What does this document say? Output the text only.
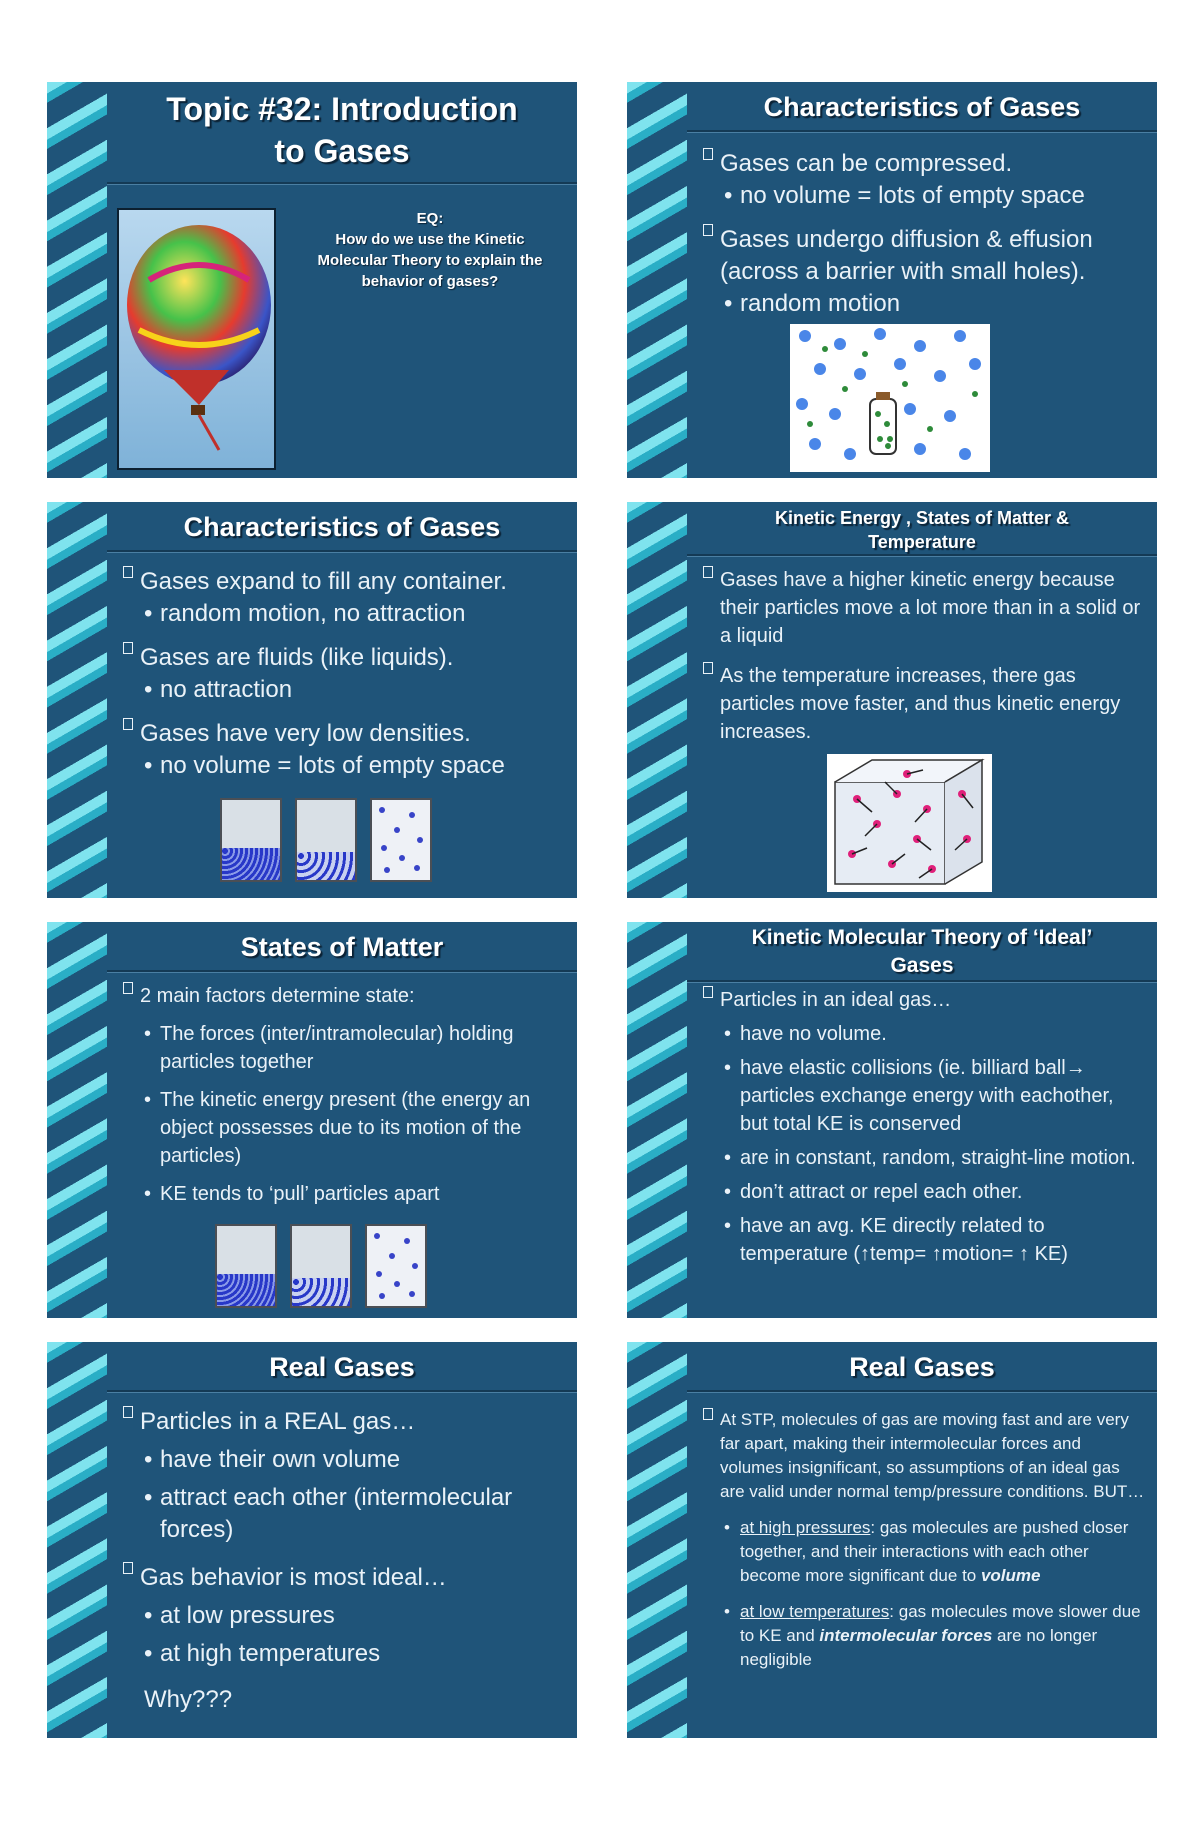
Topic #32: Introduction
to Gases
EQ:
How do we use the Kinetic Molecular Theory to explain the behavior of gases?
Characteristics of Gases

Gases can be compressed.

• no volume = lots of empty space

Gases undergo diffusion & effusion (across a barrier with small holes).

• random motion

Characteristics of Gases

Gases expand to fill any container.

• random motion, no attraction

Gases are fluids (like liquids).

• no attraction

Gases have very low densities.

• no volume = lots of empty space

Kinetic Energy , States of Matter &
Temperature

Gases have a higher kinetic energy because their particles move a lot more than in a solid or a liquid

As the temperature increases, there gas particles move faster, and thus kinetic energy increases.

States of Matter

2 main factors determine state:

• The forces (inter/intramolecular) holding particles together

• The kinetic energy present (the energy an object possesses due to its motion of the particles)

• KE tends to ‘pull’ particles apart

Kinetic Molecular Theory of ‘Ideal’
Gases

Particles in an ideal gas…

• have no volume.

• have elastic collisions (ie. billiard ball→ particles exchange energy with eachother, but total KE is conserved

• are in constant, random, straight-line motion.

• don’t attract or repel each other.

• have an avg. KE directly related to temperature (↑temp= ↑motion= ↑ KE)

Real Gases

Particles in a REAL gas…

• have their own volume

• attract each other (intermolecular forces)

Gas behavior is most ideal…

• at low pressures

• at high temperatures

Why???

Real Gases

At STP, molecules of gas are moving fast and are very far apart, making their intermolecular forces and volumes insignificant, so assumptions of an ideal gas are valid under normal temp/pressure conditions. BUT…

• at high pressures: gas molecules are pushed closer together, and their interactions with each other become more significant due to volume

• at low temperatures: gas molecules move slower due to KE and intermolecular forces are no longer negligible
